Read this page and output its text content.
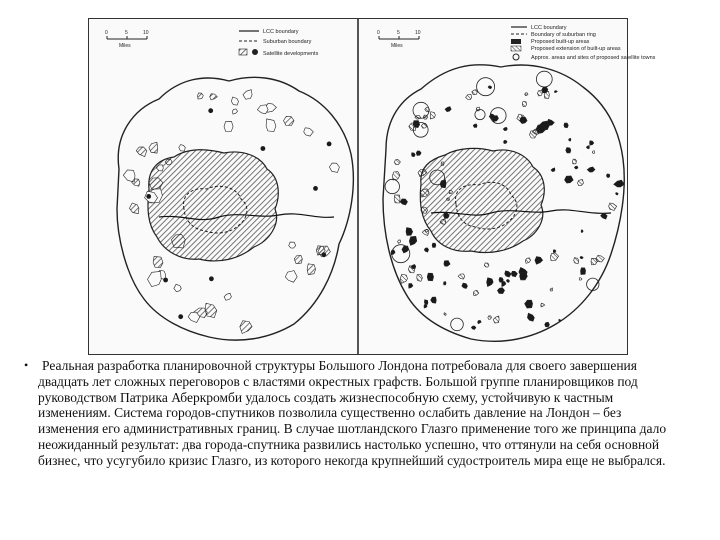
0	5	10
Miles
LCC boundary
Suburban boundary
Satellite developments
0	5	10
Miles
LCC boundary
Boundary of suburban ring
Proposed built-up areas
Proposed extension of built-up areas
Approx. areas and sites of proposed satellite towns
• Реальная разработка планировочной структуры Большого Лондона потребовала для своего завершения двадцать лет сложных переговоров с властями окрестных графств. Большой группе планировщиков под руководством Патрика Аберкромби удалось создать жизнеспособную схему, устойчивую к частным изменениям. Система городов-спутников позволила существенно ослабить давление на Лондон – без изменения его административных границ. В случае шотландского Глазго применение того же принципа дало неожиданный результат: два города-спутника развились настолько успешно, что оттянули на себя основной бизнес, что усугубило кризис Глазго, из которого некогда крупнейший судостроитель мира еще не выбрался.
